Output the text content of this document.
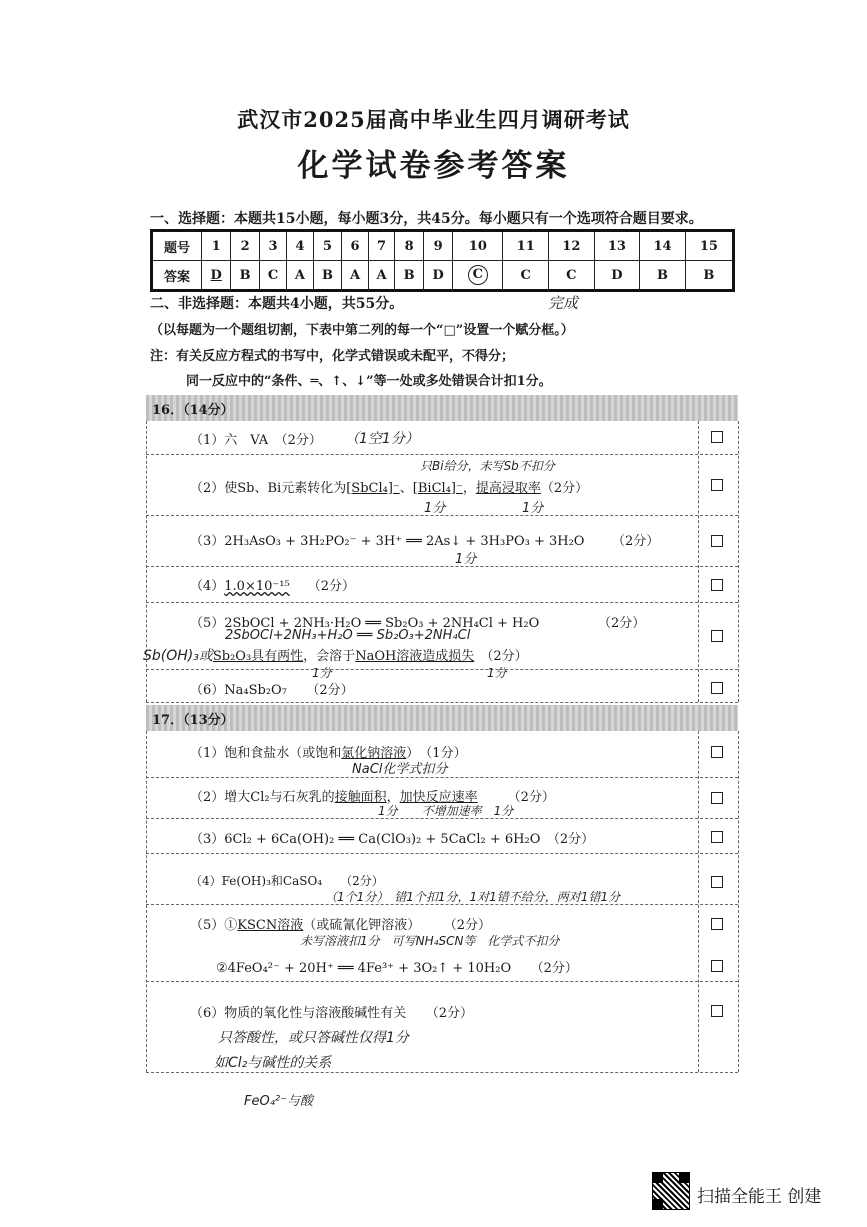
武汉市2025届高中毕业生四月调研考试
化学试卷参考答案
一、选择题：本题共15小题，每小题3分，共45分。每小题只有一个选项符合题目要求。
题号	1	2	3	4	5	6	7	8	9	10	11	12	13	14	15
答案	D	B	C	A	B	A	A	B	D	C	C	C	D	B	B
完成
二、非选择题：本题共4小题，共55分。
（以每题为一个题组切割，下表中第二列的每一个“□”设置一个赋分框。）
注：有关反应方程式的书写中，化学式错误或未配平，不得分；
同一反应中的“条件、═、↑、↓”等一处或多处错误合计扣1分。
16．（14分）
（1）六　VA　（2分） （1空1分）
只Bi给分，未写Sb不扣分
（2）使Sb、Bi元素转化为[SbCl₄]⁻、[BiCl₄]⁻，提高浸取率（2分）
1分	1分
（3）2H₃AsO₃ + 3H₂PO₂⁻ + 3H⁺ ══ 2As↓ + 3H₃PO₃ + 3H₂O （2分）
1分
（4）1.0×10⁻¹⁵ （2分）
（5）2SbOCl + 2NH₃·H₂O ══ Sb₂O₃ + 2NH₄Cl + H₂O	（2分）
2SbOCl+2NH₃+H₂O ══ Sb₂O₃+2NH₄Cl
Sb(OH)₃或Sb₂O₃具有两性，会溶于NaOH溶液造成损失 （2分）
1分	1分
（6）Na₄Sb₂O₇　　（2分）
17．（13分）
（1）饱和食盐水（或饱和氯化钠溶液）　（1分）
NaCl化学式扣分
（2）增大Cl₂与石灰乳的接触面积，加快反应速率 （2分）
1分　　不增加速率　1分
（3）6Cl₂ + 6Ca(OH)₂ ══ Ca(ClO₃)₂ + 5CaCl₂ + 6H₂O　（2分）
（4）Fe(OH)₃和CaSO₄　　（2分）
（1个1分）　错1个扣1分，1对1错不给分，两对1错1分
（5）①KSCN溶液（或硫氰化钾溶液） （2分）
未写溶液扣1分　可写NH₄SCN等　化学式不扣分
②4FeO₄²⁻ + 20H⁺ ══ 4Fe³⁺ + 3O₂↑ + 10H₂O　　（2分）
（6）物质的氧化性与溶液酸碱性有关　　（2分）
只答酸性，或只答碱性仅得1分
如Cl₂与碱性的关系
FeO₄²⁻与酸
扫描全能王 创建
